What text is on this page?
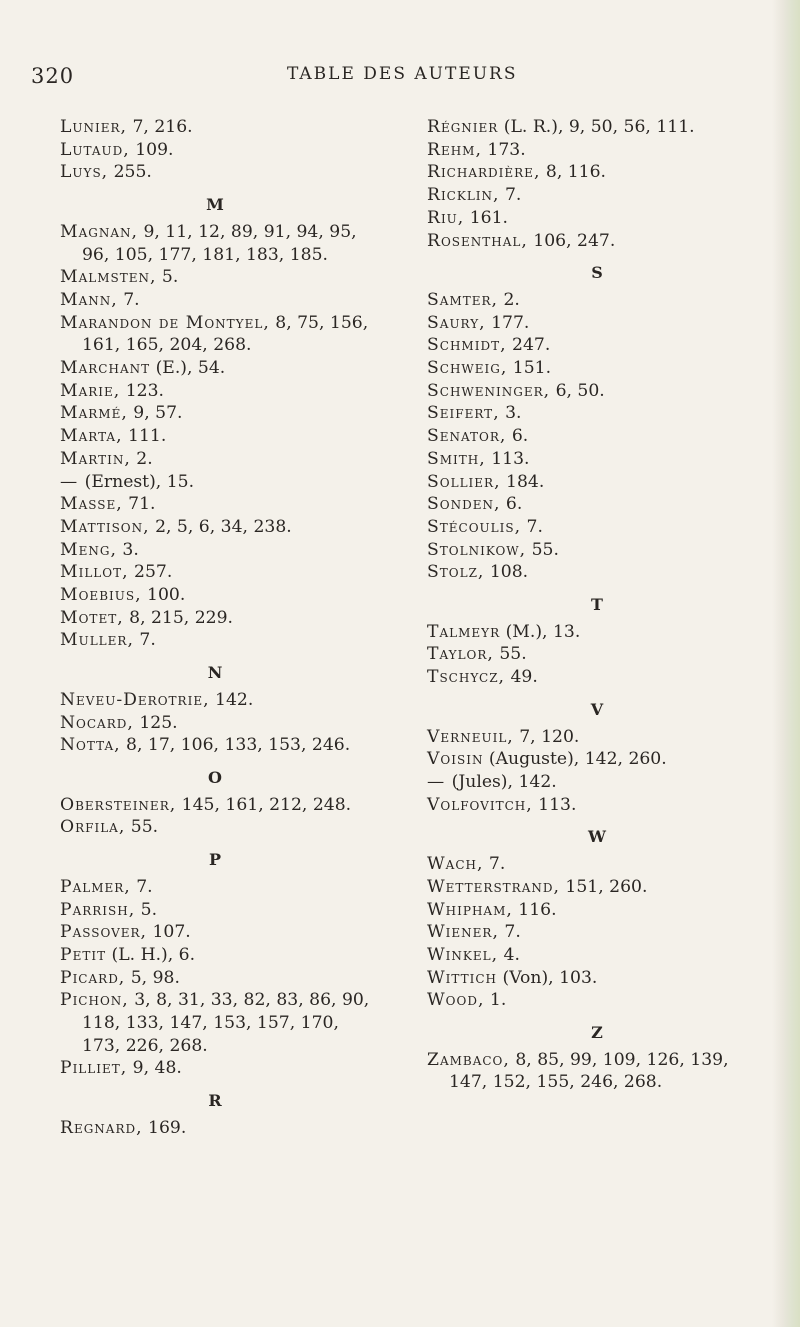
320	TABLE DES AUTEURS

Lunier, 7, 216.

Lutaud, 109.

Luys, 255.

M

Magnan, 9, 11, 12, 89, 91, 94, 95, 96, 105, 177, 181, 183, 185.

Malmsten, 5.

Mann, 7.

Marandon de Montyel, 8, 75, 156, 161, 165, 204, 268.

Marchant (E.), 54.

Marie, 123.

Marmé, 9, 57.

Marta, 111.

Martin, 2.

— (Ernest), 15.

Masse, 71.

Mattison, 2, 5, 6, 34, 238.

Meng, 3.

Millot, 257.

Moebius, 100.

Motet, 8, 215, 229.

Muller, 7.

N

Neveu-Derotrie, 142.

Nocard, 125.

Notta, 8, 17, 106, 133, 153, 246.

O

Obersteiner, 145, 161, 212, 248.

Orfila, 55.

P

Palmer, 7.

Parrish, 5.

Passover, 107.

Petit (L. H.), 6.

Picard, 5, 98.

Pichon, 3, 8, 31, 33, 82, 83, 86, 90, 118, 133, 147, 153, 157, 170, 173, 226, 268.

Pilliet, 9, 48.

R

Regnard, 169.

Régnier (L. R.), 9, 50, 56, 111.

Rehm, 173.

Richardière, 8, 116.

Ricklin, 7.

Riu, 161.

Rosenthal, 106, 247.

S

Samter, 2.

Saury, 177.

Schmidt, 247.

Schweig, 151.

Schweninger, 6, 50.

Seifert, 3.

Senator, 6.

Smith, 113.

Sollier, 184.

Sonden, 6.

Stécoulis, 7.

Stolnikow, 55.

Stolz, 108.

T

Talmeyr (M.), 13.

Taylor, 55.

Tschycz, 49.

V

Verneuil, 7, 120.

Voisin (Auguste), 142, 260.

— (Jules), 142.

Volfovitch, 113.

W

Wach, 7.

Wetterstrand, 151, 260.

Whipham, 116.

Wiener, 7.

Winkel, 4.

Wittich (Von), 103.

Wood, 1.

Z

Zambaco, 8, 85, 99, 109, 126, 139, 147, 152, 155, 246, 268.
